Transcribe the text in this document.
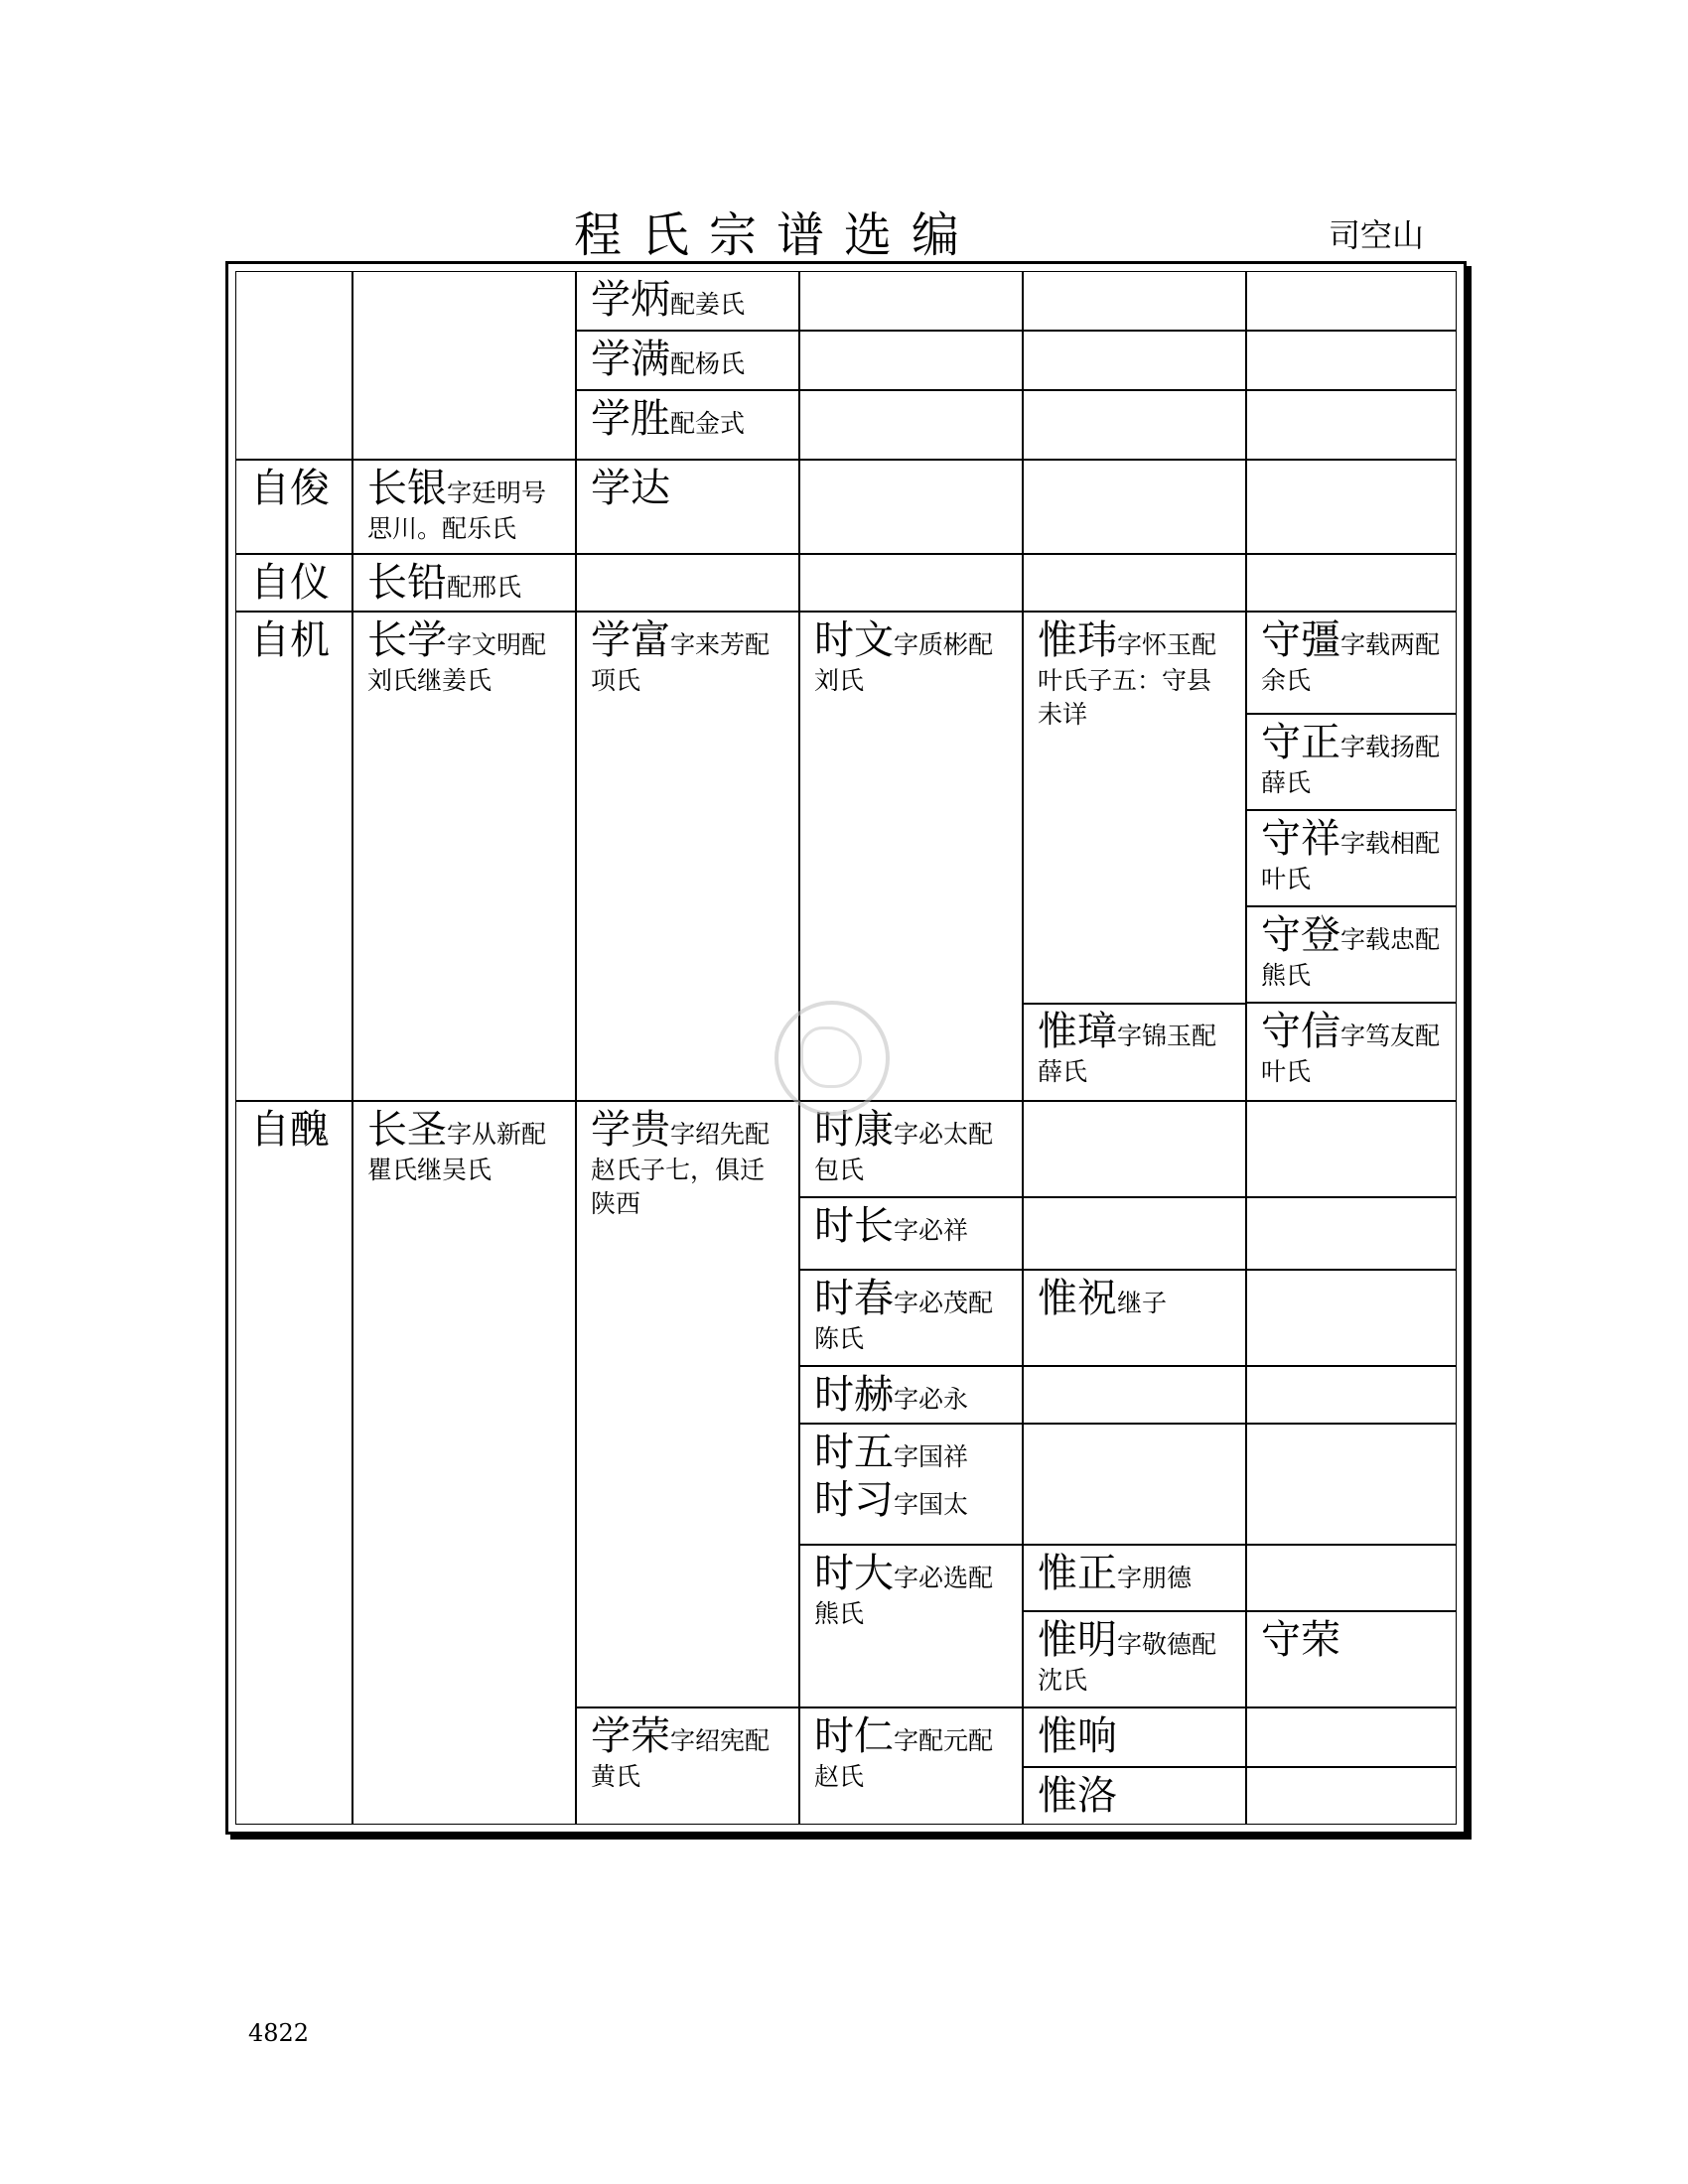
程氏宗谱选编	司空山
学炳配姜氏
学满配杨氏
学胜配金式
自俊 长银字廷明号思川。配乐氏
学达
自仪 长铅配邢氏
自机 长学字文明配刘氏继姜氏
学富字来芳配项氏
时文字质彬配刘氏
惟玮字怀玉配叶氏子五：守县未详
守彊字载两配余氏
守正字载扬配薛氏
守祥字载相配叶氏
守登字载忠配熊氏
惟璋字锦玉配薛氏
守信字笃友配叶氏
自醜 长圣字从新配瞿氏继吴氏
学贵字绍先配赵氏子七，俱迁陕西
时康字必太配包氏
时长字必祥
时春字必茂配陈氏
惟祝继子
时赫字必永
时五字国祥
时习字国太
时大字必选配熊氏
惟正字朋德
惟明字敬德配沈氏
守荣
学荣字绍宪配黄氏
时仁字配元配赵氏
惟响
惟洛
4822
